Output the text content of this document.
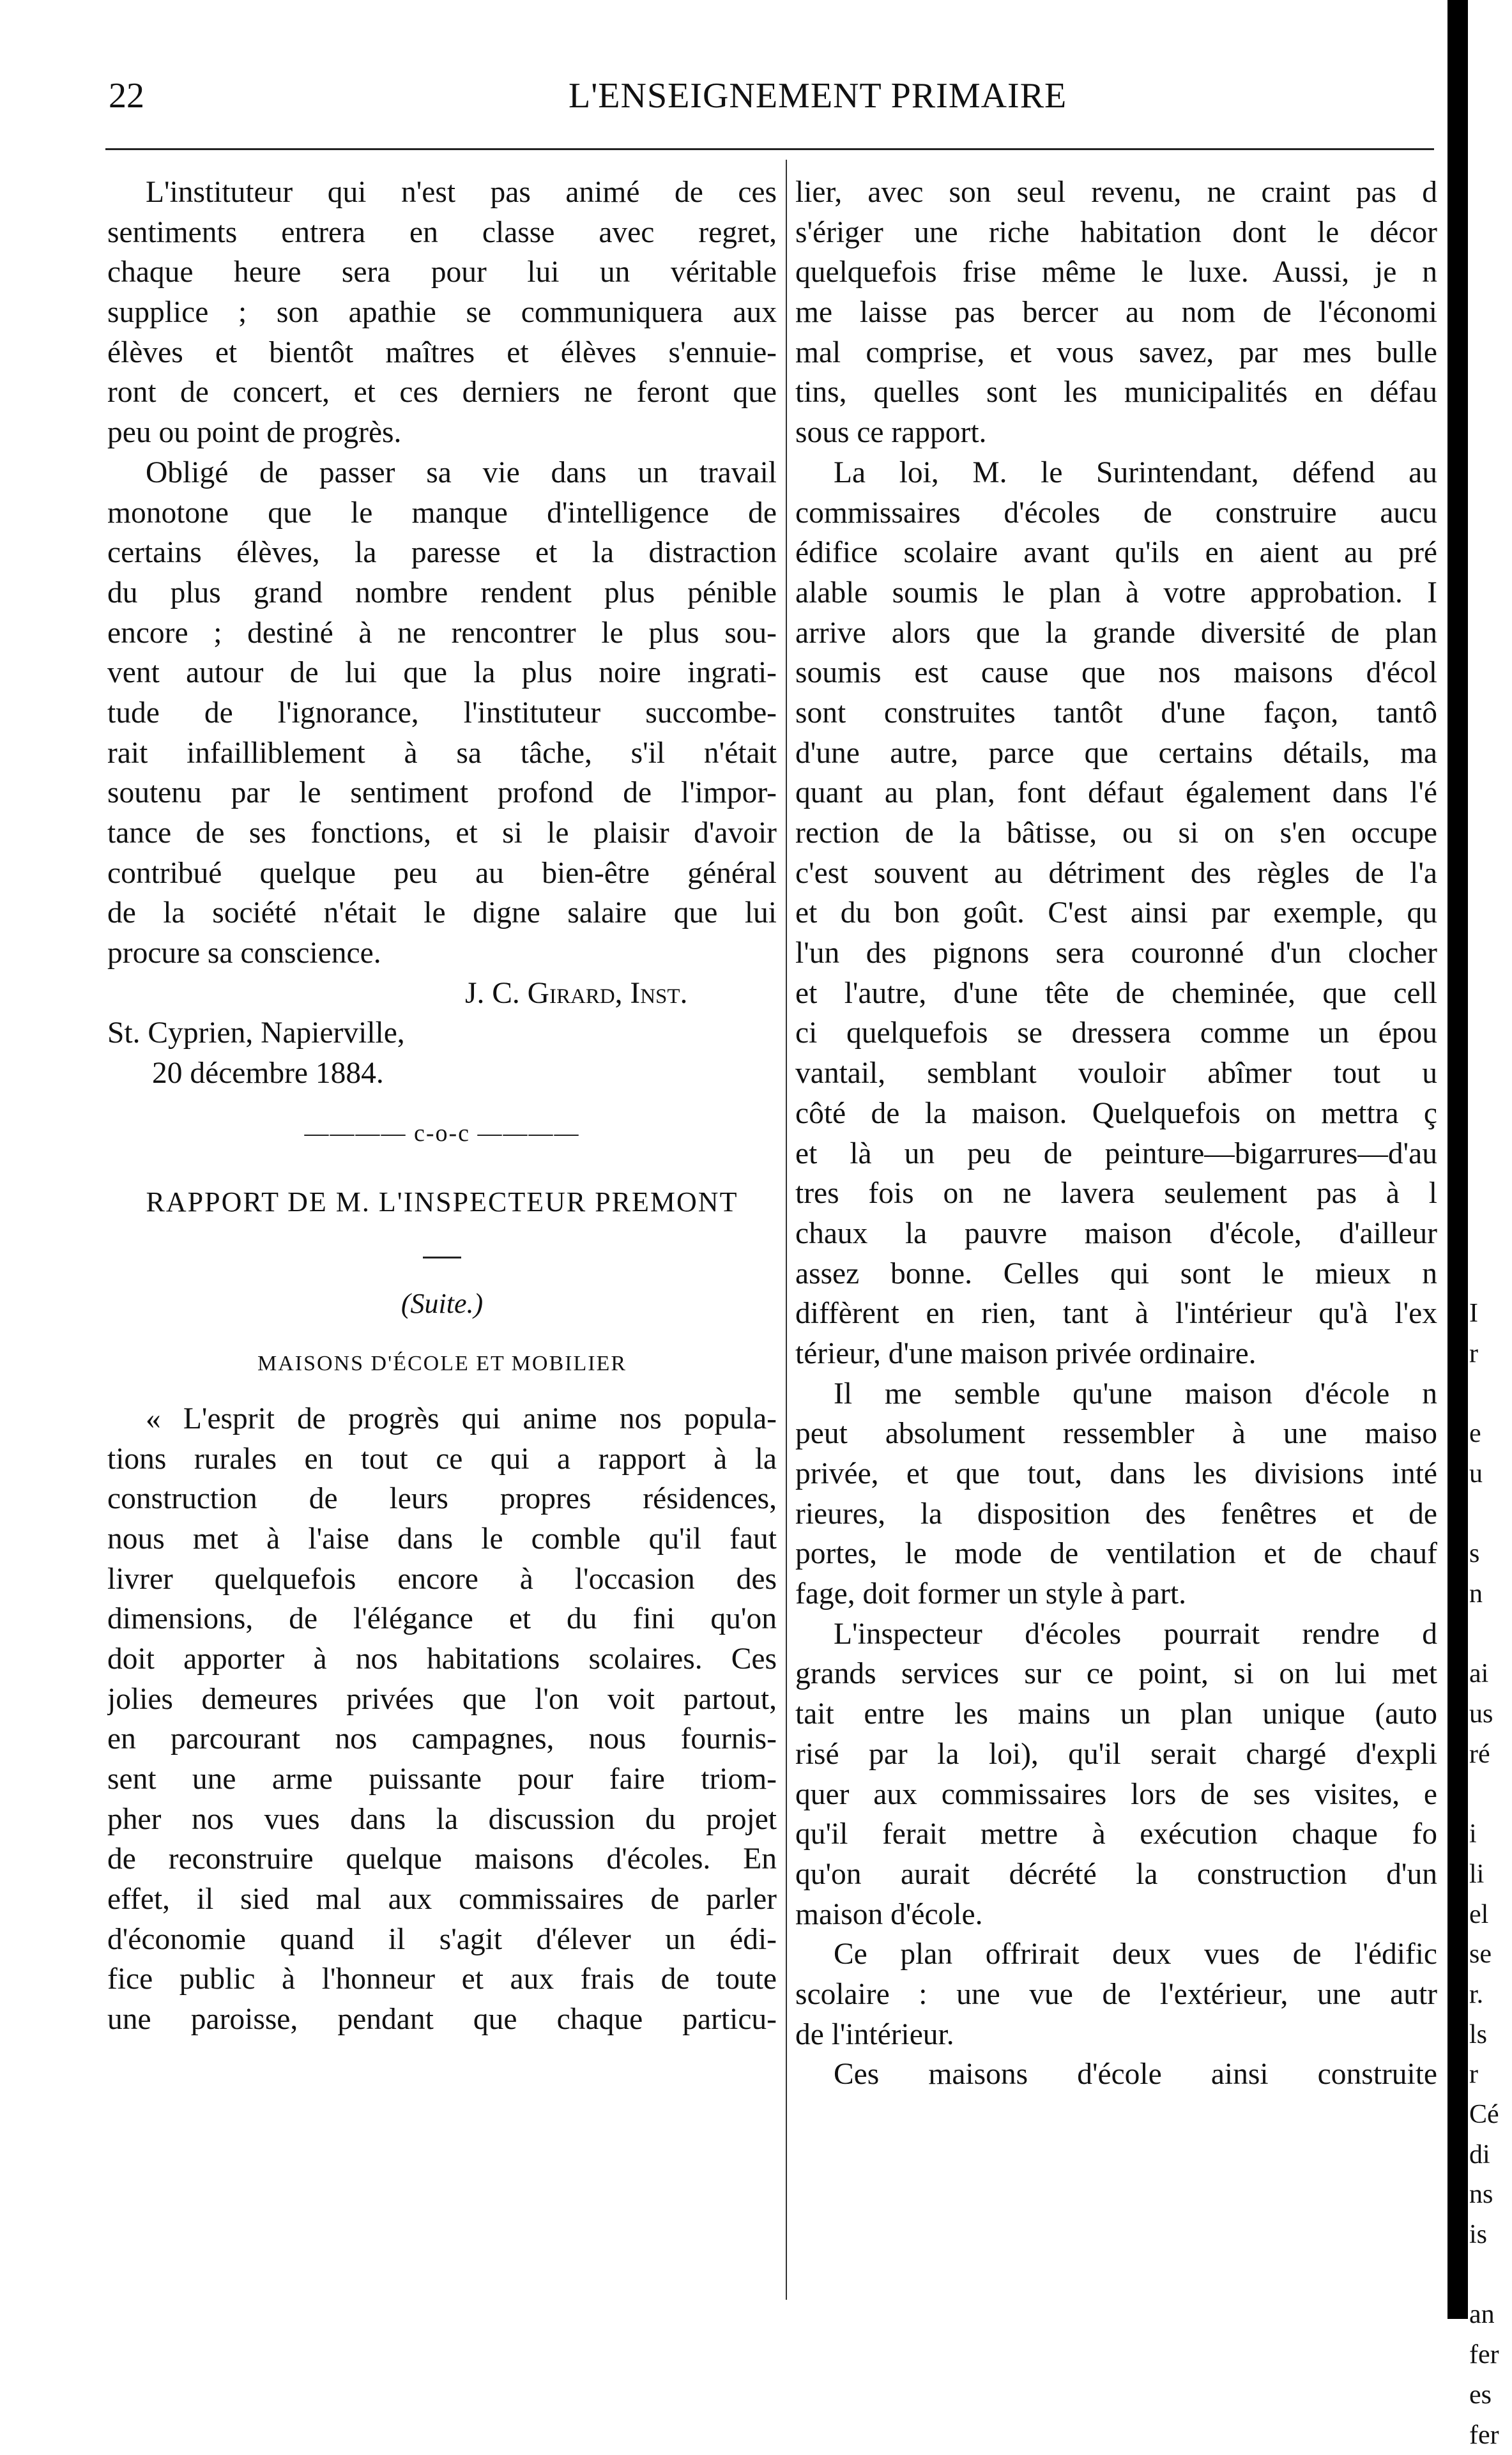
22	L'ENSEIGNEMENT PRIMAIRE
L'instituteur qui n'est pas animé de ces
sentiments entrera en classe avec regret,
chaque heure sera pour lui un véritable
supplice ; son apathie se communiquera aux
élèves et bientôt maîtres et élèves s'ennuie-
ront de concert, et ces derniers ne feront que
peu ou point de progrès.
Obligé de passer sa vie dans un travail
monotone que le manque d'intelligence de
certains élèves, la paresse et la distraction
du plus grand nombre rendent plus pénible
encore ; destiné à ne rencontrer le plus sou-
vent autour de lui que la plus noire ingrati-
tude de l'ignorance, l'instituteur succombe-
rait infailliblement à sa tâche, s'il n'était
soutenu par le sentiment profond de l'impor-
tance de ses fonctions, et si le plaisir d'avoir
contribué quelque peu au bien-être général
de la société n'était le digne salaire que lui
procure sa conscience.
J. C. Girard, Inst.
St. Cyprien, Napierville,
20 décembre 1884.
———— c-o-c ————
RAPPORT DE M. L'INSPECTEUR PREMONT
(Suite.)
MAISONS D'ÉCOLE ET MOBILIER
« L'esprit de progrès qui anime nos popula-
tions rurales en tout ce qui a rapport à la
construction de leurs propres résidences,
nous met à l'aise dans le comble qu'il faut
livrer quelquefois encore à l'occasion des
dimensions, de l'élégance et du fini qu'on
doit apporter à nos habitations scolaires. Ces
jolies demeures privées que l'on voit partout,
en parcourant nos campagnes, nous fournis-
sent une arme puissante pour faire triom-
pher nos vues dans la discussion du projet
de reconstruire quelque maisons d'écoles. En
effet, il sied mal aux commissaires de parler
d'économie quand il s'agit d'élever un édi-
fice public à l'honneur et aux frais de toute
une paroisse, pendant que chaque particu-
lier, avec son seul revenu, ne craint pas d
s'ériger une riche habitation dont le décor
quelquefois frise même le luxe. Aussi, je n
me laisse pas bercer au nom de l'économi
mal comprise, et vous savez, par mes bulle
tins, quelles sont les municipalités en défau
sous ce rapport.
La loi, M. le Surintendant, défend au
commissaires d'écoles de construire aucu
édifice scolaire avant qu'ils en aient au pré
alable soumis le plan à votre approbation. I
arrive alors que la grande diversité de plan
soumis est cause que nos maisons d'écol
sont construites tantôt d'une façon, tantô
d'une autre, parce que certains détails, ma
quant au plan, font défaut également dans l'é
rection de la bâtisse, ou si on s'en occupe
c'est souvent au détriment des règles de l'a
et du bon goût. C'est ainsi par exemple, qu
l'un des pignons sera couronné d'un clocher
et l'autre, d'une tête de cheminée, que cell
ci quelquefois se dressera comme un épou
vantail, semblant vouloir abîmer tout u
côté de la maison. Quelquefois on mettra ç
et là un peu de peinture—bigarrures—d'au
tres fois on ne lavera seulement pas à l
chaux la pauvre maison d'école, d'ailleur
assez bonne. Celles qui sont le mieux n
diffèrent en rien, tant à l'intérieur qu'à l'ex
térieur, d'une maison privée ordinaire.
Il me semble qu'une maison d'école n
peut absolument ressembler à une maiso
privée, et que tout, dans les divisions inté
rieures, la disposition des fenêtres et de
portes, le mode de ventilation et de chauf
fage, doit former un style à part.
L'inspecteur d'écoles pourrait rendre d
grands services sur ce point, si on lui met
tait entre les mains un plan unique (auto
risé par la loi), qu'il serait chargé d'expli
quer aux commissaires lors de ses visites, e
qu'il ferait mettre à exécution chaque fo
qu'on aurait décrété la construction d'un
maison d'école.
Ce plan offrirait deux vues de l'édific
scolaire : une vue de l'extérieur, une autr
de l'intérieur.
Ces maisons d'école ainsi construite
I
r
e
u
s
n
ai
us
ré
i
li
el
se
r.
ls
r
Cé
di
ns
is
an
fer
es
fer
